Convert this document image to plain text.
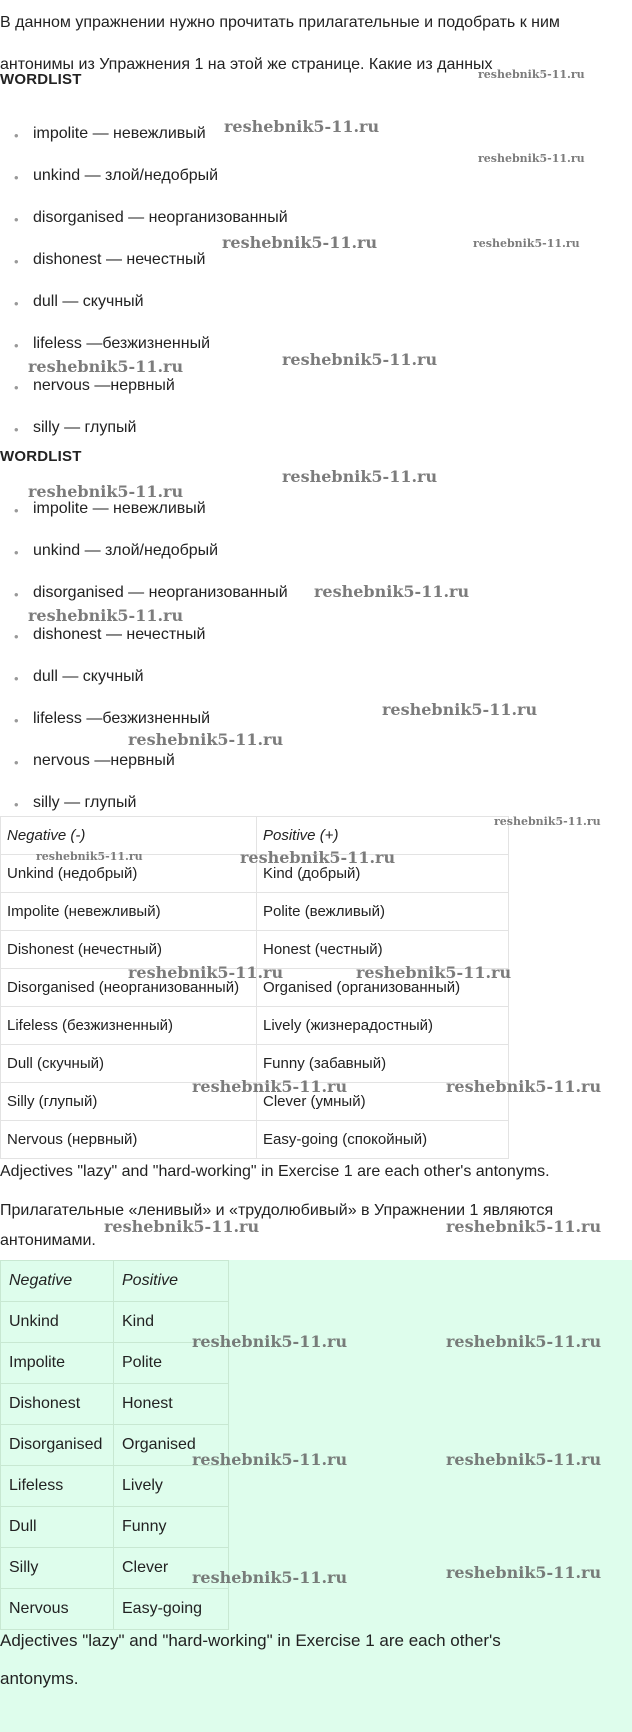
В данном упражнении нужно прочитать прилагательные и подобрать к ним антонимы из Упражнения 1 на этой же странице. Какие из данных
WORDLIST
• impolite — невежливый
• unkind — злой/недобрый
• disorganised — неорганизованный
• dishonest — нечестный
• dull — скучный
• lifeless —безжизненный
• nervous —нервный
• silly — глупый
WORDLIST
• impolite — невежливый
• unkind — злой/недобрый
• disorganised — неорганизованный
• dishonest — нечестный
• dull — скучный
• lifeless —безжизненный
• nervous —нервный
• silly — глупый
Negative (-)	Positive (+)
Unkind (недобрый)	Kind (добрый)
Impolite (невежливый)	Polite (вежливый)
Dishonest (нечестный)	Honest (честный)
Disorganised (неорганизованный)	Organised (организованный)
Lifeless (безжизненный)	Lively (жизнерадостный)
Dull (скучный)	Funny (забавный)
Silly (глупый)	Clever (умный)
Nervous (нервный)	Easy-going (спокойный)
Adjectives "lazy" and "hard-working" in Exercise 1 are each other's antonyms.
Прилагательные «ленивый» и «трудолюбивый» в Упражнении 1 являются антонимами.
Negative	Positive
Unkind	Kind
Impolite	Polite
Dishonest	Honest
Disorganised	Organised
Lifeless	Lively
Dull	Funny
Silly	Clever
Nervous	Easy-going
Adjectives "lazy" and "hard-working" in Exercise 1 are each other's antonyms.
reshebnik5-11.ru
reshebnik5-11.ru
reshebnik5-11.ru
reshebnik5-11.ru	reshebnik5-11.ru
reshebnik5-11.ru
reshebnik5-11.ru
reshebnik5-11.ru
reshebnik5-11.ru
reshebnik5-11.ru
reshebnik5-11.ru
reshebnik5-11.ru
reshebnik5-11.ru
reshebnik5-11.ru
reshebnik5-11.ru	reshebnik5-11.ru
reshebnik5-11.ru	reshebnik5-11.ru
reshebnik5-11.ru	reshebnik5-11.ru
reshebnik5-11.ru	reshebnik5-11.ru
reshebnik5-11.ru	reshebnik5-11.ru
reshebnik5-11.ru	reshebnik5-11.ru
reshebnik5-11.ru	reshebnik5-11.ru
